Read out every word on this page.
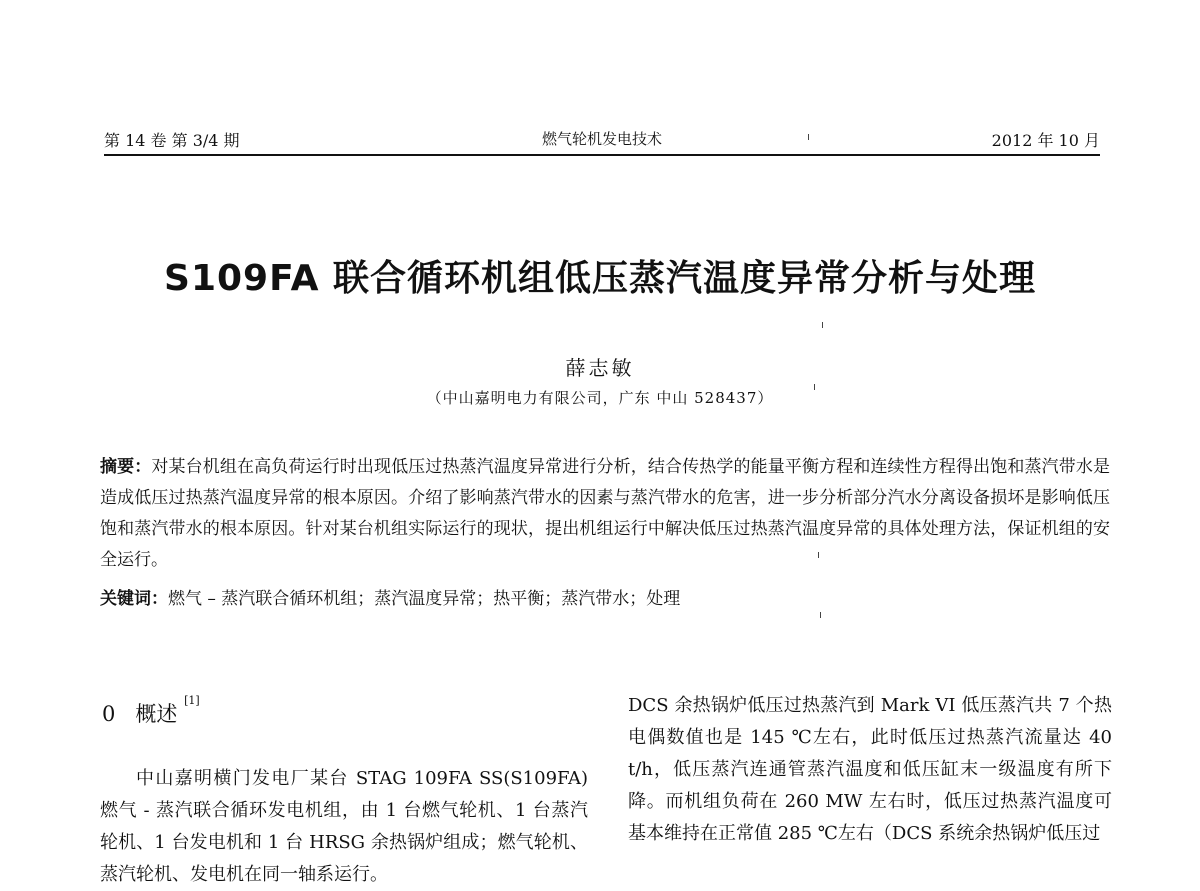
第 14 卷 第 3/4 期	燃气轮机发电技术	2012 年 10 月
S109FA 联合循环机组低压蒸汽温度异常分析与处理
薛志敏
（中山嘉明电力有限公司，广东 中山 528437）
摘要：对某台机组在高负荷运行时出现低压过热蒸汽温度异常进行分析，结合传热学的能量平衡方程和连续性方程得出饱和蒸汽带水是造成低压过热蒸汽温度异常的根本原因。介绍了影响蒸汽带水的因素与蒸汽带水的危害，进一步分析部分汽水分离设备损坏是影响低压饱和蒸汽带水的根本原因。针对某台机组实际运行的现状，提出机组运行中解决低压过热蒸汽温度异常的具体处理方法，保证机组的安全运行。
关键词：燃气 – 蒸汽联合循环机组；蒸汽温度异常；热平衡；蒸汽带水；处理
0 概述 [1]

中山嘉明横门发电厂某台 STAG 109FA SS(S109FA) 燃气 - 蒸汽联合循环发电机组，由 1 台燃气轮机、1 台蒸汽轮机、1 台发电机和 1 台 HRSG 余热锅炉组成；燃气轮机、蒸汽轮机、发电机在同一轴系运行。

DCS 余热锅炉低压过热蒸汽到 Mark VI 低压蒸汽共 7 个热电偶数值也是 145 ℃左右，此时低压过热蒸汽流量达 40 t/h，低压蒸汽连通管蒸汽温度和低压缸末一级温度有所下降。而机组负荷在 260 MW 左右时，低压过热蒸汽温度可基本维持在正常值 285 ℃左右（DCS 系统余热锅炉低压过
